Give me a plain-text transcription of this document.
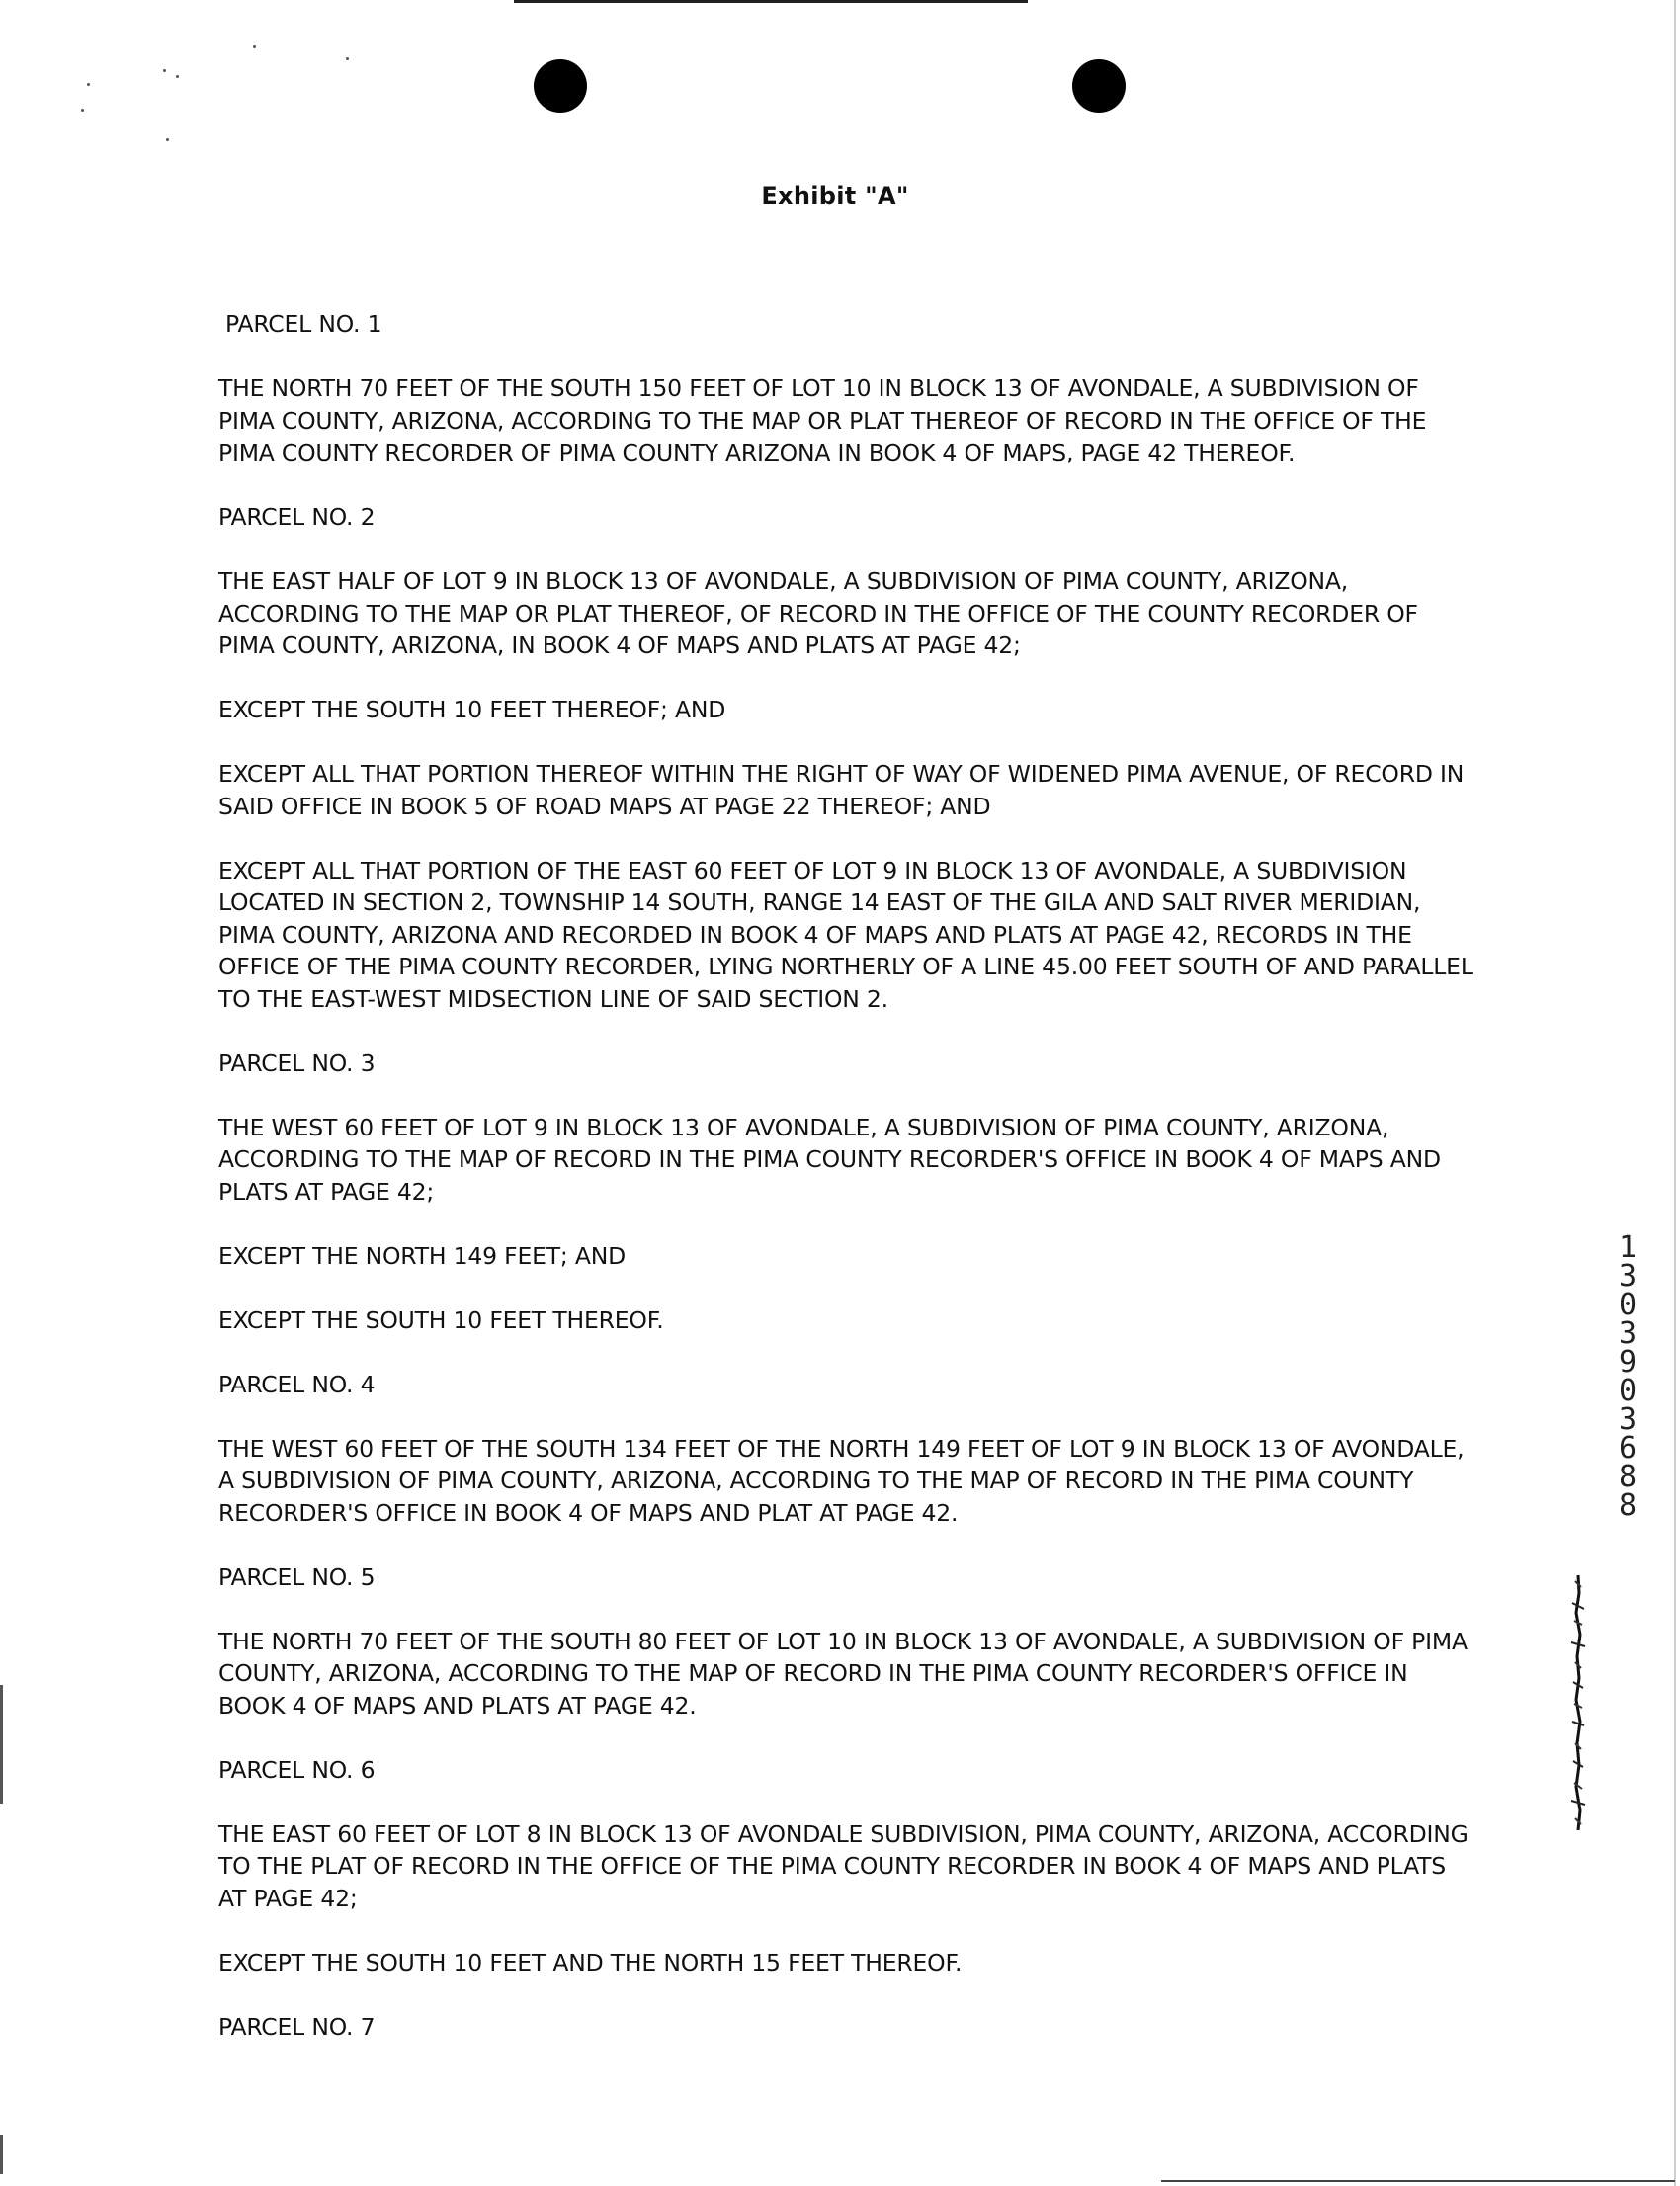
Exhibit "A"

PARCEL NO. 1

THE NORTH 70 FEET OF THE SOUTH 150 FEET OF LOT 10 IN BLOCK 13 OF AVONDALE, A SUBDIVISION OF PIMA COUNTY, ARIZONA, ACCORDING TO THE MAP OR PLAT THEREOF OF RECORD IN THE OFFICE OF THE PIMA COUNTY RECORDER OF PIMA COUNTY ARIZONA IN BOOK 4 OF MAPS, PAGE 42 THEREOF.

PARCEL NO. 2

THE EAST HALF OF LOT 9 IN BLOCK 13 OF AVONDALE, A SUBDIVISION OF PIMA COUNTY, ARIZONA, ACCORDING TO THE MAP OR PLAT THEREOF, OF RECORD IN THE OFFICE OF THE COUNTY RECORDER OF PIMA COUNTY, ARIZONA, IN BOOK 4 OF MAPS AND PLATS AT PAGE 42;

EXCEPT THE SOUTH 10 FEET THEREOF; AND

EXCEPT ALL THAT PORTION THEREOF WITHIN THE RIGHT OF WAY OF WIDENED PIMA AVENUE, OF RECORD IN SAID OFFICE IN BOOK 5 OF ROAD MAPS AT PAGE 22 THEREOF; AND

EXCEPT ALL THAT PORTION OF THE EAST 60 FEET OF LOT 9 IN BLOCK 13 OF AVONDALE, A SUBDIVISION LOCATED IN SECTION 2, TOWNSHIP 14 SOUTH, RANGE 14 EAST OF THE GILA AND SALT RIVER MERIDIAN, PIMA COUNTY, ARIZONA AND RECORDED IN BOOK 4 OF MAPS AND PLATS AT PAGE 42, RECORDS IN THE OFFICE OF THE PIMA COUNTY RECORDER, LYING NORTHERLY OF A LINE 45.00 FEET SOUTH OF AND PARALLEL TO THE EAST-WEST MIDSECTION LINE OF SAID SECTION 2.

PARCEL NO. 3

THE WEST 60 FEET OF LOT 9 IN BLOCK 13 OF AVONDALE, A SUBDIVISION OF PIMA COUNTY, ARIZONA, ACCORDING TO THE MAP OF RECORD IN THE PIMA COUNTY RECORDER'S OFFICE IN BOOK 4 OF MAPS AND PLATS AT PAGE 42;

EXCEPT THE NORTH 149 FEET; AND

EXCEPT THE SOUTH 10 FEET THEREOF.

PARCEL NO. 4

THE WEST 60 FEET OF THE SOUTH 134 FEET OF THE NORTH 149 FEET OF LOT 9 IN BLOCK 13 OF AVONDALE, A SUBDIVISION OF PIMA COUNTY, ARIZONA, ACCORDING TO THE MAP OF RECORD IN THE PIMA COUNTY RECORDER'S OFFICE IN BOOK 4 OF MAPS AND PLAT AT PAGE 42.

PARCEL NO. 5

THE NORTH 70 FEET OF THE SOUTH 80 FEET OF LOT 10 IN BLOCK 13 OF AVONDALE, A SUBDIVISION OF PIMA COUNTY, ARIZONA, ACCORDING TO THE MAP OF RECORD IN THE PIMA COUNTY RECORDER'S OFFICE IN BOOK 4 OF MAPS AND PLATS AT PAGE 42.

PARCEL NO. 6

THE EAST 60 FEET OF LOT 8 IN BLOCK 13 OF AVONDALE SUBDIVISION, PIMA COUNTY, ARIZONA, ACCORDING TO THE PLAT OF RECORD IN THE OFFICE OF THE PIMA COUNTY RECORDER IN BOOK 4 OF MAPS AND PLATS AT PAGE 42;

EXCEPT THE SOUTH 10 FEET AND THE NORTH 15 FEET THEREOF.

PARCEL NO. 7

1
3
0
3
9
0
3
6
8
8
